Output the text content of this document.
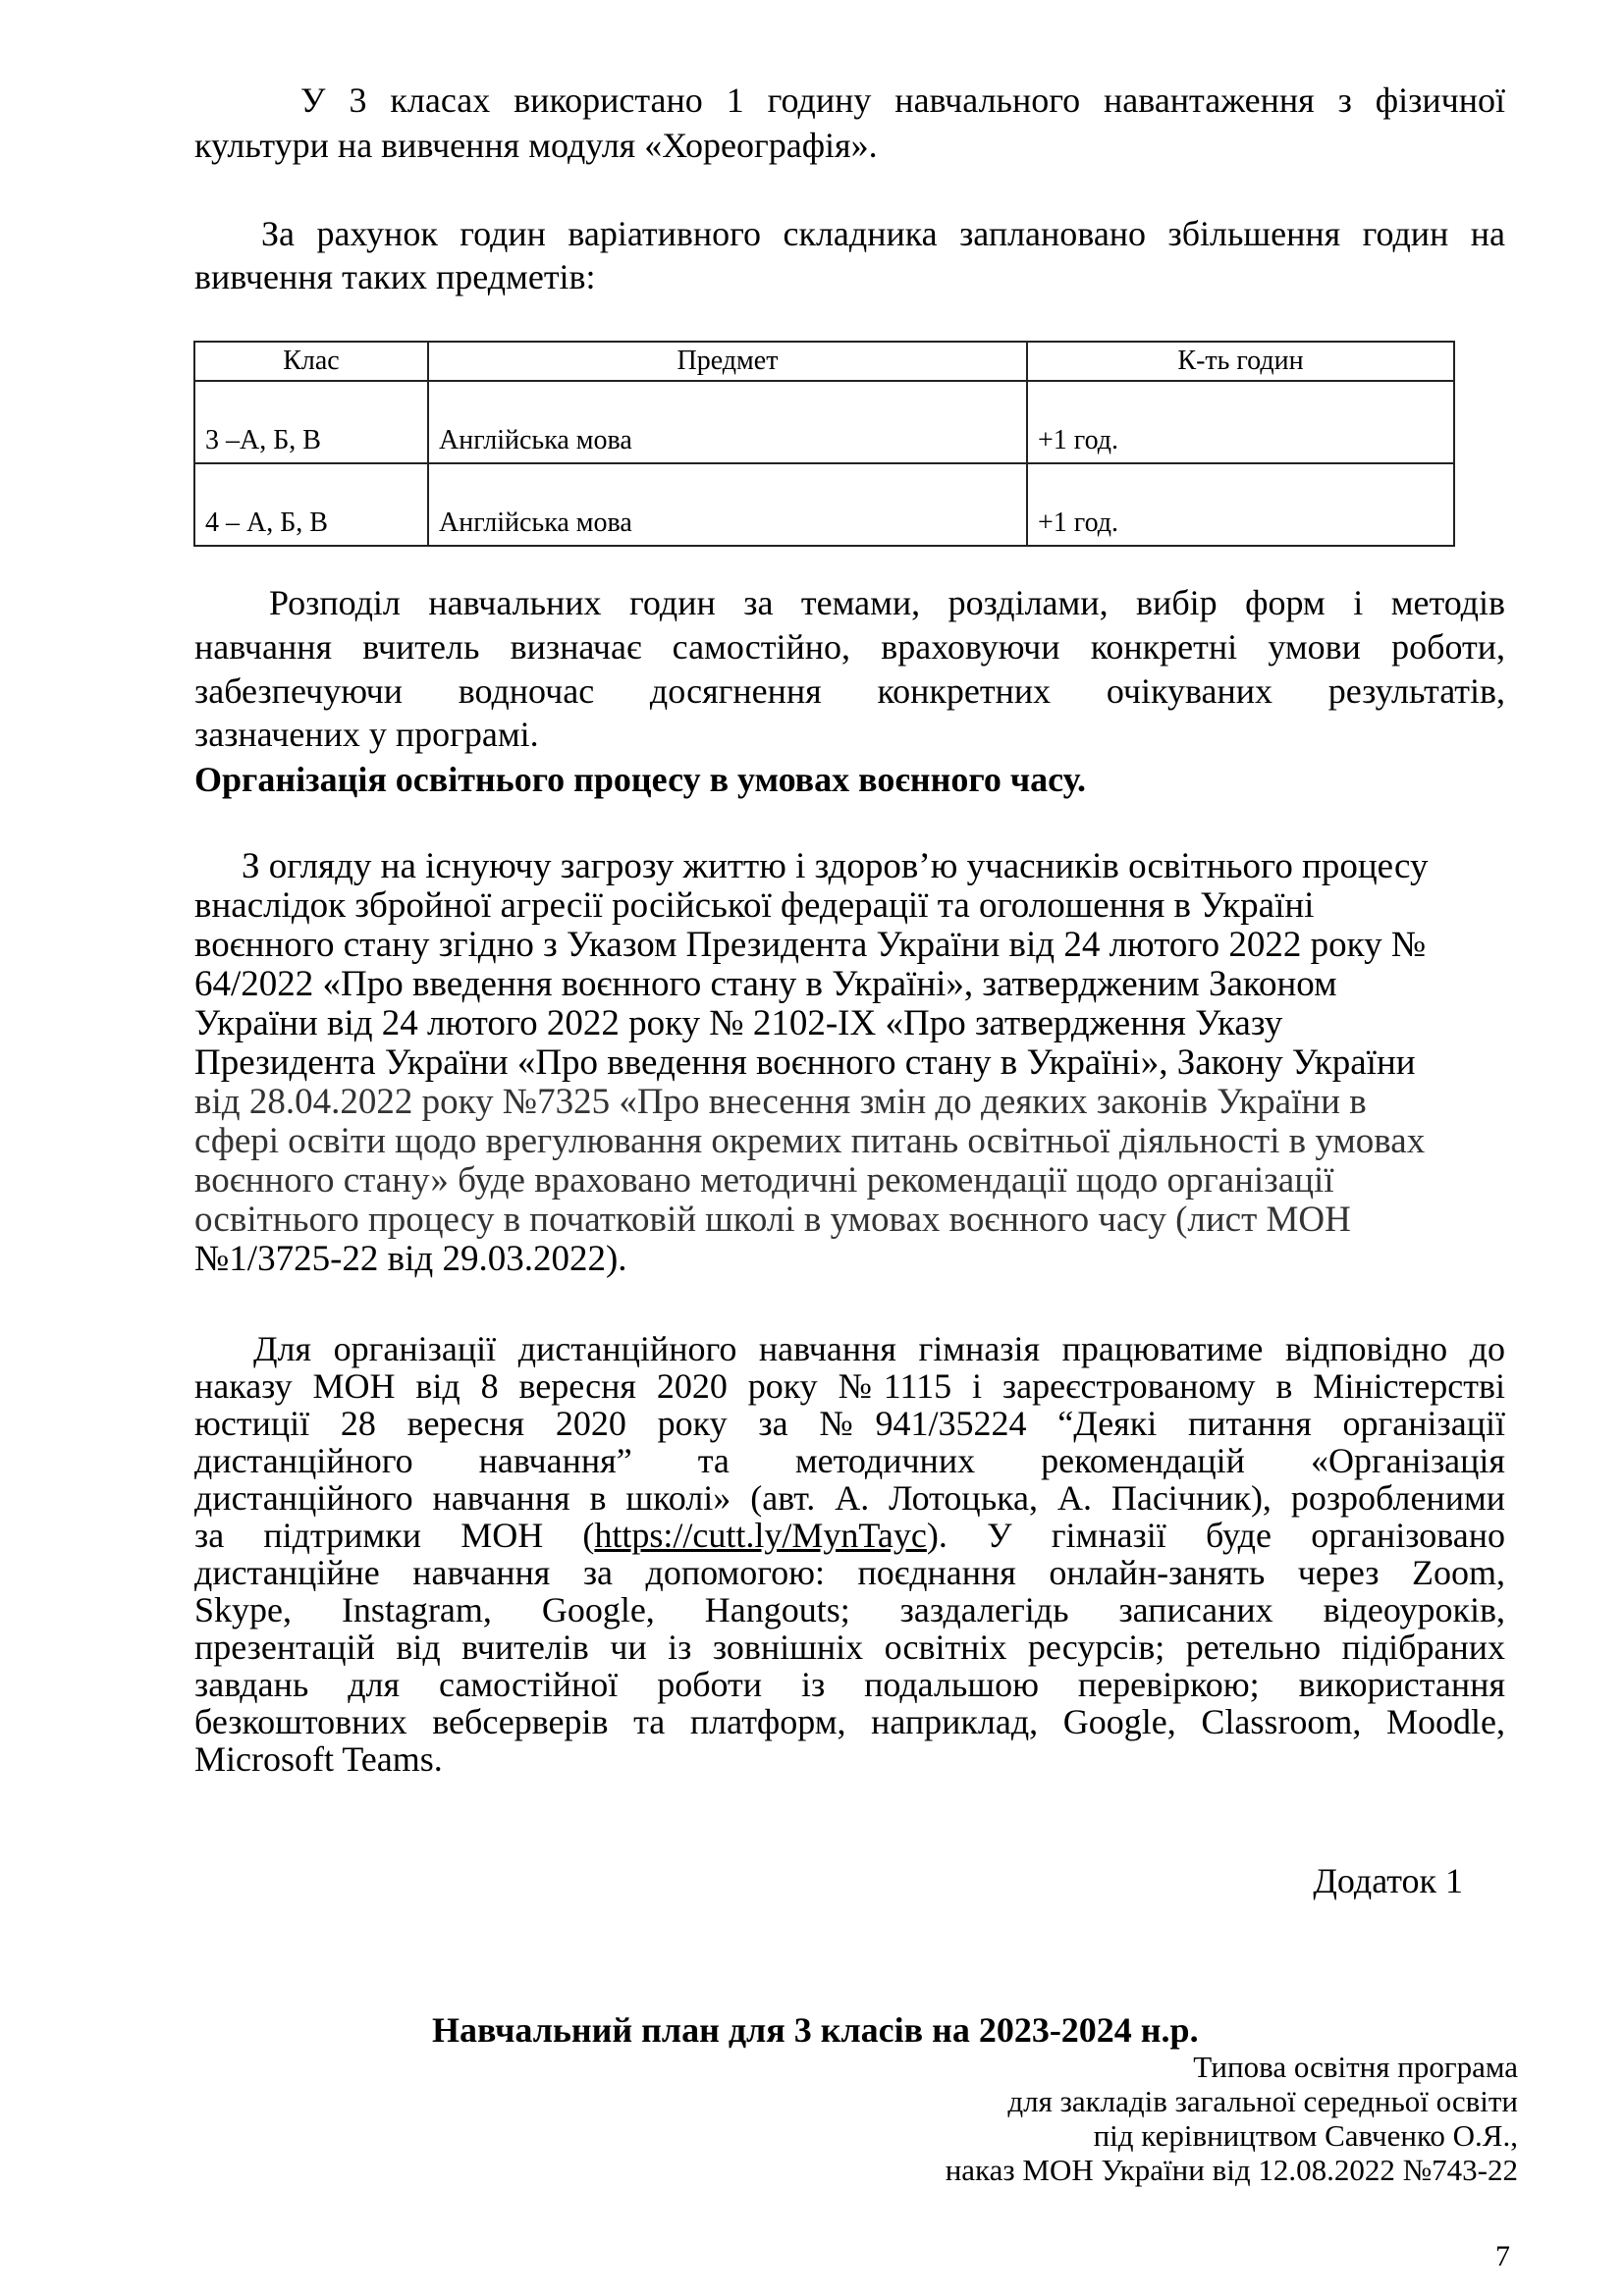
У 3 класах використано 1 годину навчального навантаження з фізичної
культури на вивчення модуля «Хореографія».
За рахунок годин варіативного складника заплановано збільшення годин на
вивчення таких предметів:
Клас	Предмет	К-ть годин
3 –А, Б, В	Англійська мова	+1 год.
4 – А, Б, В	Англійська мова	+1 год.
Розподіл навчальних годин за темами, розділами, вибір форм і методів
навчання вчитель визначає самостійно, враховуючи конкретні умови роботи,
забезпечуючи водночас досягнення конкретних очікуваних результатів,
зазначених у програмі.
Організація освітнього процесу в умовах воєнного часу.
З огляду на існуючу загрозу життю і здоров’ю учасників освітнього процесу
внаслідок збройної агресії російської федерації та оголошення в Україні
воєнного стану згідно з Указом Президента України від 24 лютого 2022 року №
64/2022 «Про введення воєнного стану в Україні», затвердженим Законом
України від 24 лютого 2022 року № 2102-IX «Про затвердження Указу
Президента України «Про введення воєнного стану в Україні», Закону України
від 28.04.2022 року №7325 «Про внесення змін до деяких законів України в
сфері освіти щодо врегулювання окремих питань освітньої діяльності в умовах
воєнного стану» буде враховано методичні рекомендації щодо організації
освітнього процесу в початковій школі в умовах воєнного часу (лист МОН
№1/3725-22 від 29.03.2022).
Для організації дистанційного навчання гімназія працюватиме відповідно до
наказу МОН від 8 вересня 2020 року №1115 і зареєстрованому в Міністерстві
юстиції 28 вересня 2020 року за №941/35224 “Деякі питання організації
дистанційного навчання” та методичних рекомендацій «Організація
дистанційного навчання в школі» (авт. А. Лотоцька, А. Пасічник), розробленими
за підтримки МОН (https://cutt.ly/MynTayc). У гімназії буде організовано
дистанційне навчання за допомогою: поєднання онлайн-занять через Zoom,
Skype, Instagram, Google, Hangouts; заздалегідь записаних відеоуроків,
презентацій від вчителів чи із зовнішніх освітніх ресурсів; ретельно підібраних
завдань для самостійної роботи із подальшою перевіркою; використання
безкоштовних вебсерверів та платформ, наприклад, Google, Classroom, Moodle,
Microsoft Teams.
Додаток 1
Навчальний план для 3 класів на 2023-2024 н.р.
Типова освітня програма
для закладів загальної середньої освіти
під керівництвом Савченко О.Я.,
наказ МОН України від 12.08.2022 №743-22
7
